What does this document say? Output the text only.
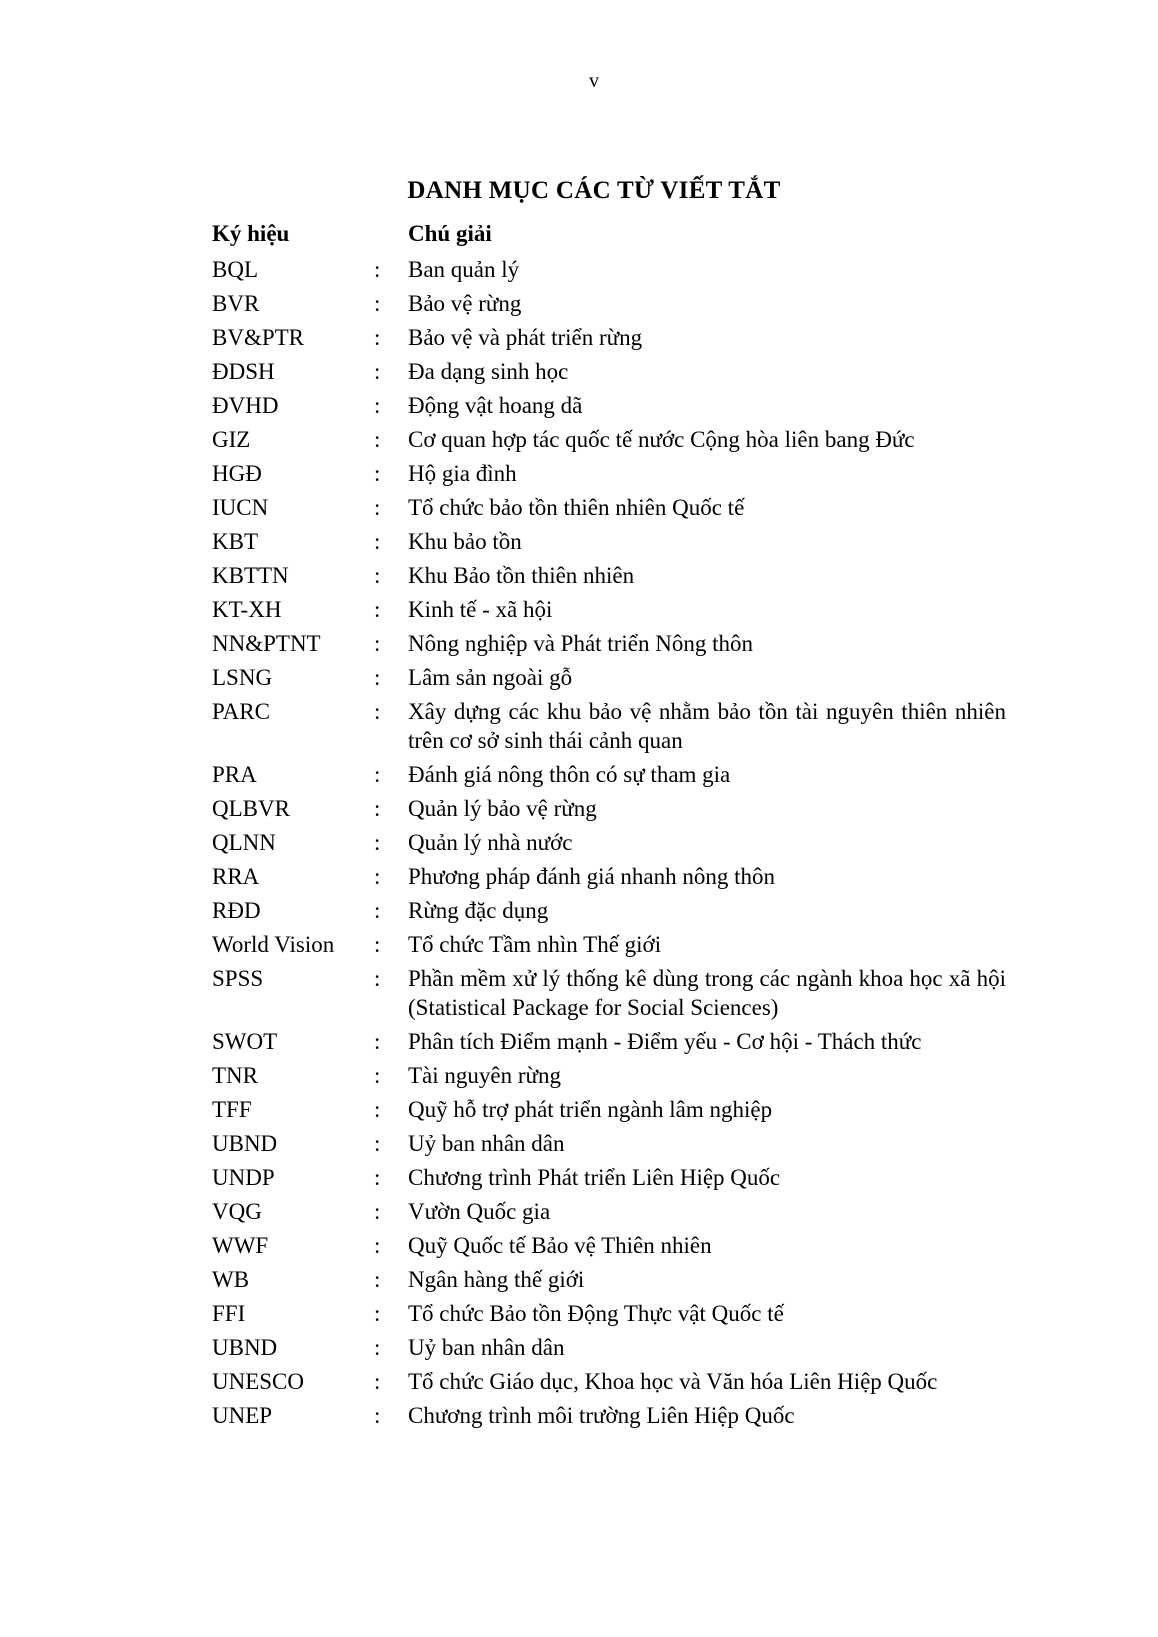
v
DANH MỤC CÁC TỪ VIẾT TẮT
Ký hiệu	Chú giải
BQL	: Ban quản lý
BVR	: Bảo vệ rừng
BV&PTR	: Bảo vệ và phát triển rừng
ĐDSH	: Đa dạng sinh học
ĐVHD	: Động vật hoang dã
GIZ	: Cơ quan hợp tác quốc tế nước Cộng hòa liên bang Đức
HGĐ	: Hộ gia đình
IUCN	: Tổ chức bảo tồn thiên nhiên Quốc tế
KBT	: Khu bảo tồn
KBTTN	: Khu Bảo tồn thiên nhiên
KT-XH	: Kinh tế - xã hội
NN&PTNT : Nông nghiệp và Phát triển Nông thôn
LSNG	: Lâm sản ngoài gỗ
PARC	: Xây dựng các khu bảo vệ nhằm bảo tồn tài nguyên thiên nhiên trên cơ sở sinh thái cảnh quan
PRA	: Đánh giá nông thôn có sự tham gia
QLBVR	: Quản lý bảo vệ rừng
QLNN	: Quản lý nhà nước
RRA	: Phương pháp đánh giá nhanh nông thôn
RĐD	: Rừng đặc dụng
World Vision : Tổ chức Tầm nhìn Thế giới
SPSS	: Phần mềm xử lý thống kê dùng trong các ngành khoa học xã hội (Statistical Package for Social Sciences)
SWOT	: Phân tích Điểm mạnh - Điểm yếu - Cơ hội - Thách thức
TNR	: Tài nguyên rừng
TFF	: Quỹ hỗ trợ phát triển ngành lâm nghiệp
UBND	: Uỷ ban nhân dân
UNDP	: Chương trình Phát triển Liên Hiệp Quốc
VQG	: Vườn Quốc gia
WWF	: Quỹ Quốc tế Bảo vệ Thiên nhiên
WB	: Ngân hàng thế giới
FFI	: Tổ chức Bảo tồn Động Thực vật Quốc tế
UBND	: Uỷ ban nhân dân
UNESCO	: Tổ chức Giáo dục, Khoa học và Văn hóa Liên Hiệp Quốc
UNEP	: Chương trình môi trường Liên Hiệp Quốc
